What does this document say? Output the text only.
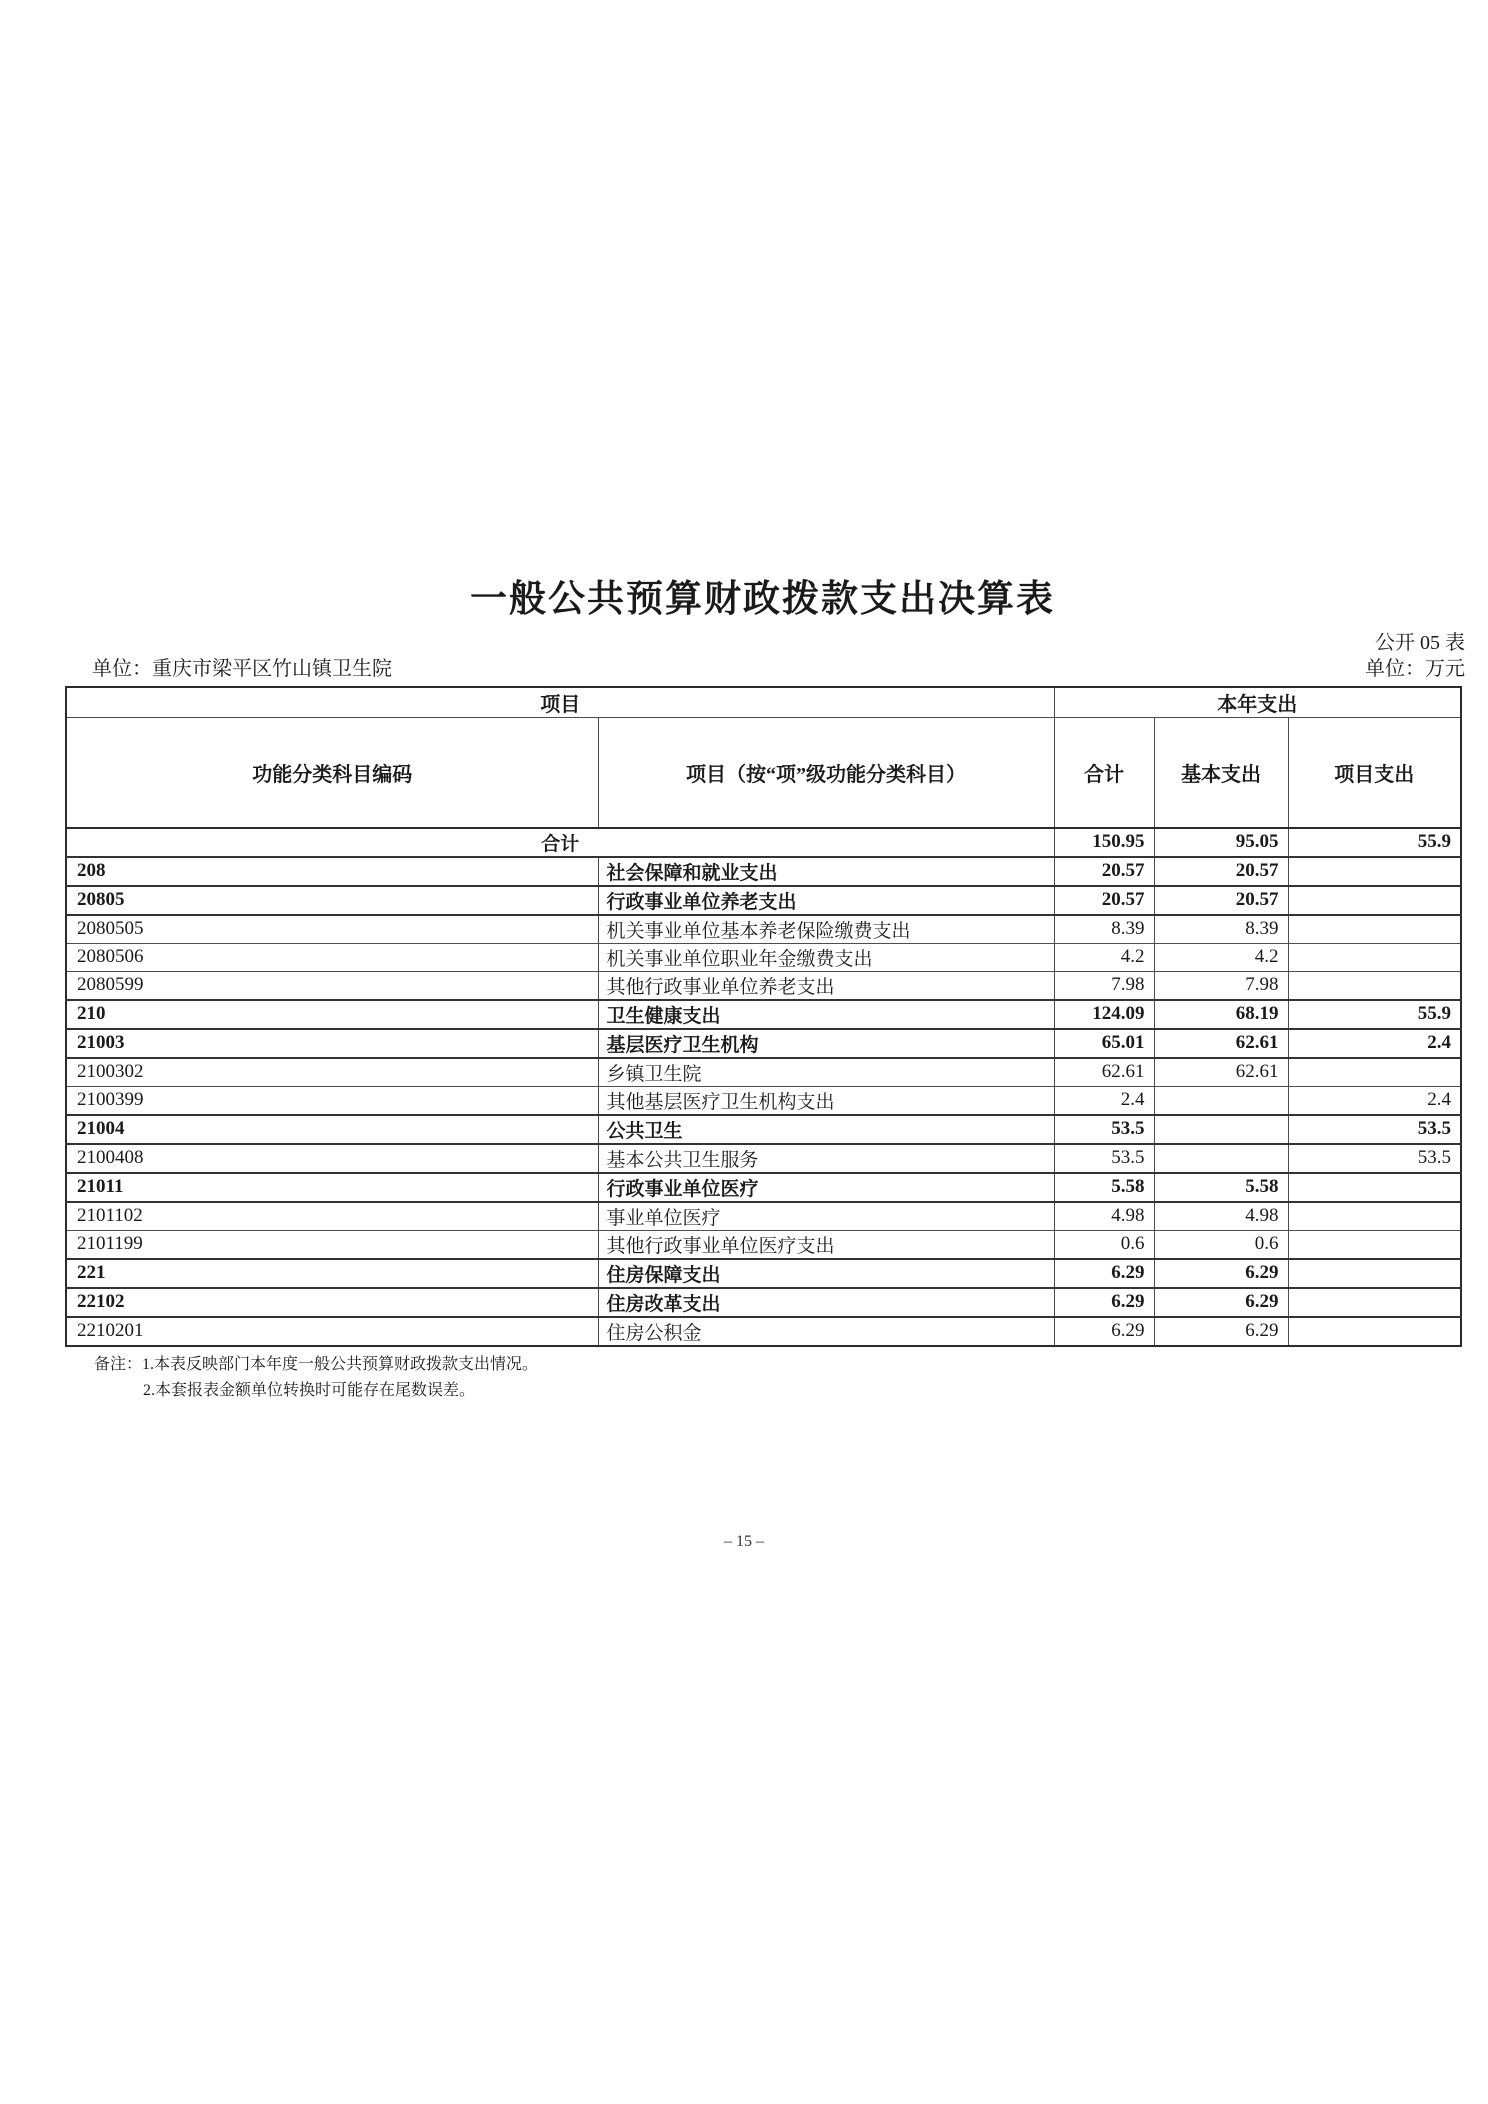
一般公共预算财政拨款支出决算表
公开 05 表
单位：重庆市梁平区竹山镇卫生院	单位：万元
项目		本年支出		
功能分类科目编码	项目（按“项”级功能分类科目）	合计	基本支出	项目支出
合计		150.95	95.05	55.9
208	社会保障和就业支出	20.57	20.57	
20805	行政事业单位养老支出	20.57	20.57	
2080505	机关事业单位基本养老保险缴费支出	8.39	8.39	
2080506	机关事业单位职业年金缴费支出	4.2	4.2	
2080599	其他行政事业单位养老支出	7.98	7.98	
210	卫生健康支出	124.09	68.19	55.9
21003	基层医疗卫生机构	65.01	62.61	2.4
2100302	乡镇卫生院	62.61	62.61	
2100399	其他基层医疗卫生机构支出	2.4		2.4
21004	公共卫生	53.5		53.5
2100408	基本公共卫生服务	53.5		53.5
21011	行政事业单位医疗	5.58	5.58	
2101102	事业单位医疗	4.98	4.98	
2101199	其他行政事业单位医疗支出	0.6	0.6	
221	住房保障支出	6.29	6.29	
22102	住房改革支出	6.29	6.29	
2210201	住房公积金	6.29	6.29	
备注：1.本表反映部门本年度一般公共预算财政拨款支出情况。
2.本套报表金额单位转换时可能存在尾数误差。
– 15 –
